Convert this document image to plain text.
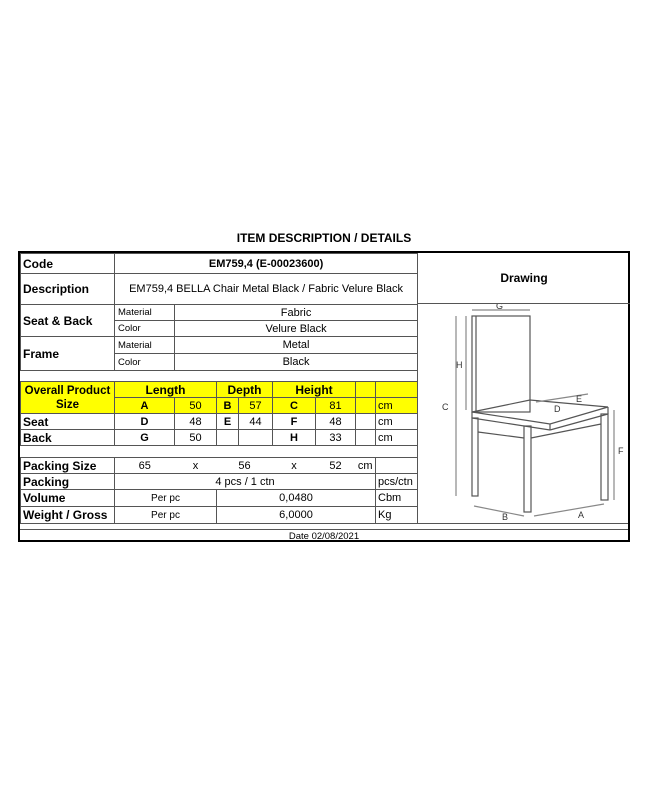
ITEM DESCRIPTION / DETAILS
Code	EM759,4 (E-00023600)							
Description	EM759,4 BELLA Chair Metal Black / Fabric Velure Black							
Seat & Back	Material	Fabric						
	Color	Velure Black						
Frame	Material	Metal						
	Color	Black						

Overall Product Size	Length		Depth		Height			
	A	50	B	57	C	81		cm
Seat	D	48	E	44	F	48		cm
Back	G	50			H	33		cm

Packing Size	65	x	56		x	52	cm	
Packing	4 pcs / 1 ctn							pcs/ctn
Volume	Per pc		0,0480					Cbm
Weight / Gross	Per pc		6,0000					Kg
Drawing
G
H
C
E
D
F
B	A
Date 02/08/2021
